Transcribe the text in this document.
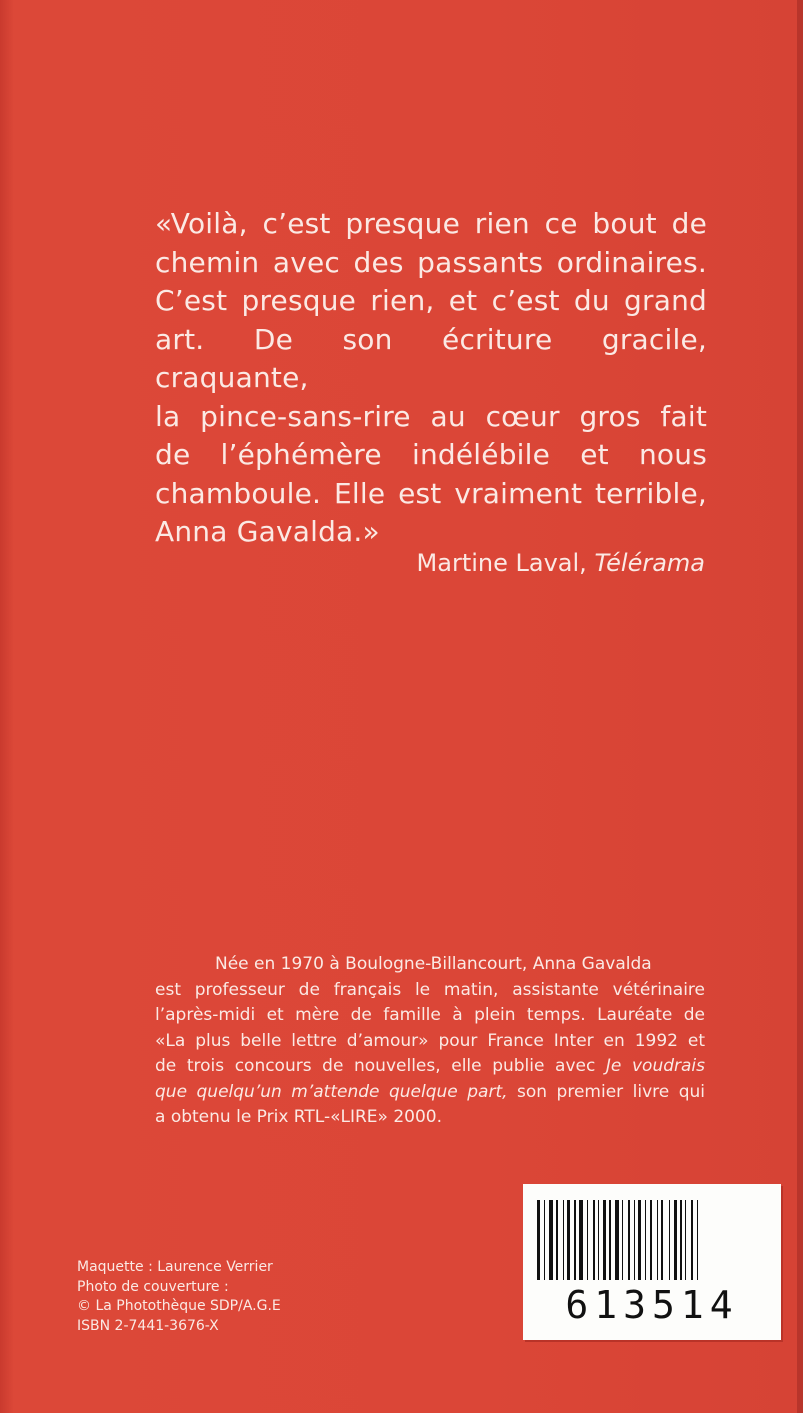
«Voilà, c’est presque rien ce bout de
chemin avec des passants ordinaires.
C’est presque rien, et c’est du grand
art. De son écriture gracile, craquante,
la pince-sans-rire au cœur gros fait
de l’éphémère indélébile et nous
chamboule. Elle est vraiment terrible,
Anna Gavalda.»
Martine Laval, Télérama
Née en 1970 à Boulogne-Billancourt, Anna Gavalda
est professeur de français le matin, assistante vétérinaire
l’après-midi et mère de famille à plein temps. Lauréate de
«La plus belle lettre d’amour» pour France Inter en 1992 et
de trois concours de nouvelles, elle publie avec Je voudrais
que quelqu’un m’attende quelque part, son premier livre qui
a obtenu le Prix RTL-«LIRE» 2000.
Maquette : Laurence Verrier
Photo de couverture :
© La Photothèque SDP/A.G.E
ISBN 2-7441-3676-X	613514
